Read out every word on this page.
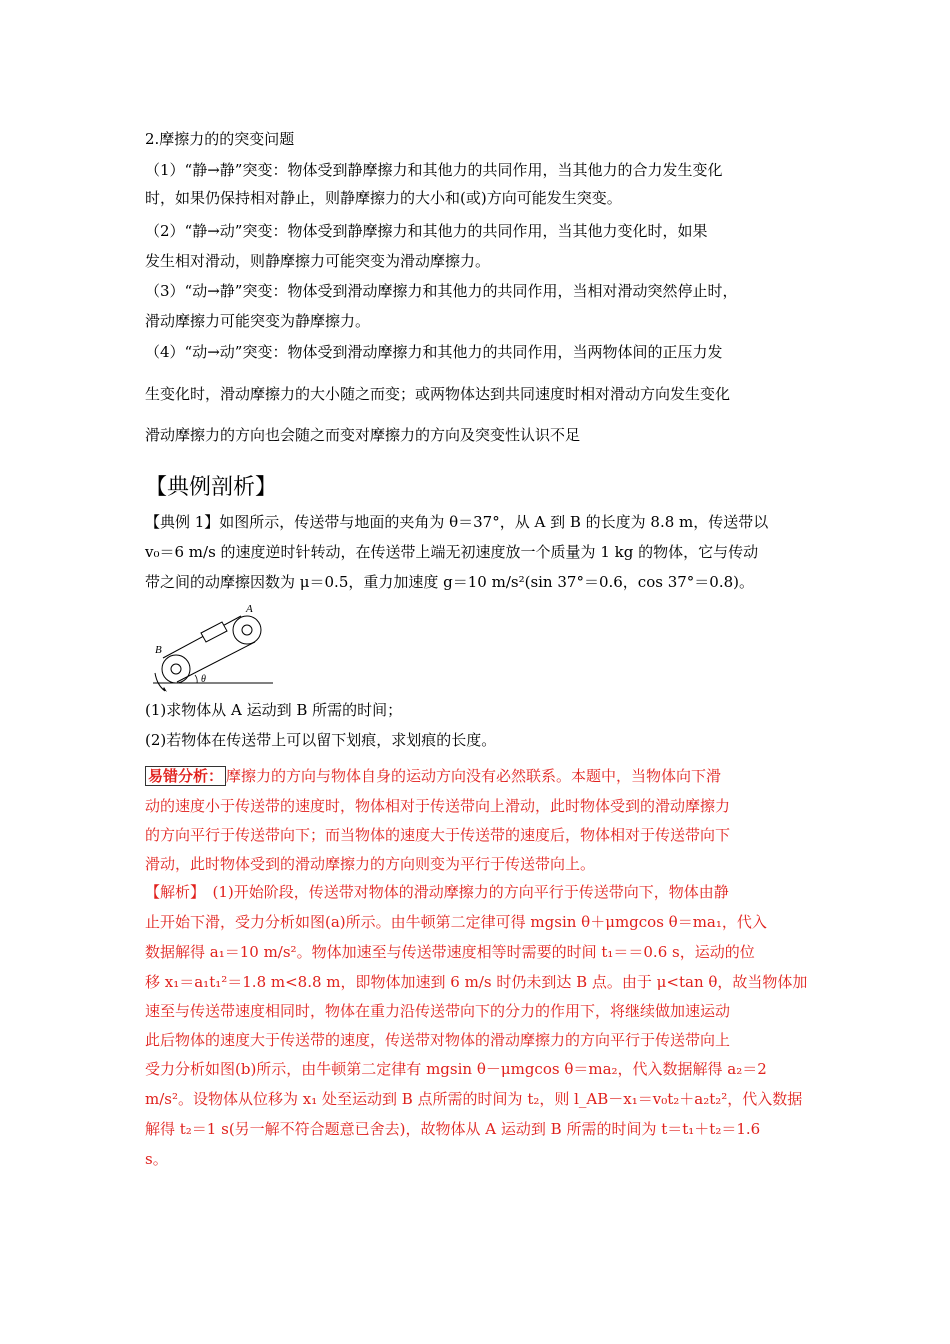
2.摩擦力的的突变问题
（1）“静→静”突变：物体受到静摩擦力和其他力的共同作用，当其他力的合力发生变化
时，如果仍保持相对静止，则静摩擦力的大小和(或)方向可能发生突变。
（2）“静→动”突变：物体受到静摩擦力和其他力的共同作用，当其他力变化时，如果
发生相对滑动，则静摩擦力可能突变为滑动摩擦力。
（3）“动→静”突变：物体受到滑动摩擦力和其他力的共同作用，当相对滑动突然停止时，
滑动摩擦力可能突变为静摩擦力。
（4）“动→动”突变：物体受到滑动摩擦力和其他力的共同作用，当两物体间的正压力发
生变化时，滑动摩擦力的大小随之而变；或两物体达到共同速度时相对滑动方向发生变化
滑动摩擦力的方向也会随之而变对摩擦力的方向及突变性认识不足
【典例剖析】
【典例 1】如图所示，传送带与地面的夹角为 θ＝37°，从 A 到 B 的长度为 8.8 m，传送带以
v₀＝6 m/s 的速度逆时针转动，在传送带上端无初速度放一个质量为 1 kg 的物体，它与传动
带之间的动摩擦因数为 μ＝0.5，重力加速度 g＝10 m/s²(sin 37°＝0.6，cos 37°＝0.8)。
B
A
θ
(1)求物体从 A 运动到 B 所需的时间；
(2)若物体在传送带上可以留下划痕，求划痕的长度。
易错分析： 摩擦力的方向与物体自身的运动方向没有必然联系。本题中，当物体向下滑
动的速度小于传送带的速度时，物体相对于传送带向上滑动，此时物体受到的滑动摩擦力
的方向平行于传送带向下；而当物体的速度大于传送带的速度后，物体相对于传送带向下
滑动，此时物体受到的滑动摩擦力的方向则变为平行于传送带向上。
【解析】　(1)开始阶段，传送带对物体的滑动摩擦力的方向平行于传送带向下，物体由静
止开始下滑，受力分析如图(a)所示。由牛顿第二定律可得 mgsin θ＋μmgcos θ＝ma₁，代入
数据解得 a₁＝10 m/s²。物体加速至与传送带速度相等时需要的时间 t₁＝＝0.6 s，运动的位
移 x₁＝a₁t₁²＝1.8 m<8.8 m，即物体加速到 6 m/s 时仍未到达 B 点。由于 μ<tan θ，故当物体加
速至与传送带速度相同时，物体在重力沿传送带向下的分力的作用下，将继续做加速运动
此后物体的速度大于传送带的速度，传送带对物体的滑动摩擦力的方向平行于传送带向上
受力分析如图(b)所示，由牛顿第二定律有 mgsin θ－μmgcos θ＝ma₂，代入数据解得 a₂＝2
m/s²。设物体从位移为 x₁ 处至运动到 B 点所需的时间为 t₂，则 l_AB－x₁＝v₀t₂＋a₂t₂²，代入数据
解得 t₂＝1 s(另一解不符合题意已舍去)，故物体从 A 运动到 B 所需的时间为 t＝t₁＋t₂＝1.6
s。
